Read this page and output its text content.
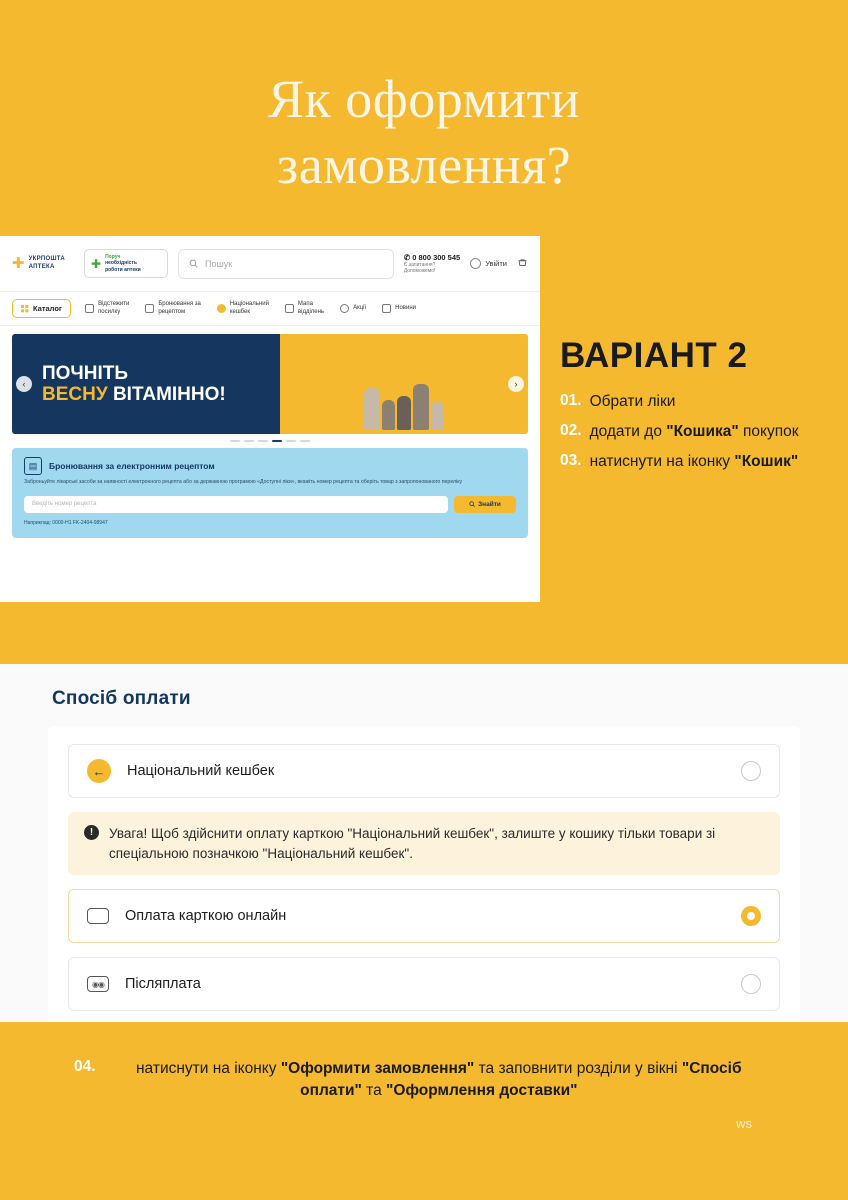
Як оформити
замовлення?
✚ УКРПОШТА
АПТЕКА	✚ Поруч
необхідність
роботи аптеки
Пошук
✆ 0 800 300 545
Є запитання?
Допоможемо!
Увійти
Каталог
Відстежити
посилку
Бронювання за
рецептом
Національний
кешбек
Мапа
відділень
Акції	Новини
ПОЧНІТЬ
ВЕСНУ ВІТАМІННО!
‹	›
▤	Бронювання за електронним рецептом
Заброньуйте лікарські засоби за наявності електронного рецепта або за державною програмою «Доступні ліки», вкажіть номер рецепта та оберіть товар з запропонованого переліку
Введіть номер рецепта	Знайти
Наприклад: 0000-H1 FK-2404-98947
ВАРІАНТ 2
01. Обрати ліки
02. додати до "Кошика" покупок
03. натиснути на іконку "Кошик"
Спосіб оплати
←	Національний кешбек
!	Увага! Щоб здійснити оплату карткою "Національний кешбек", залиште у кошику тільки товари зі спеціальною позначкою "Національний кешбек".
Оплата карткою онлайн
◉◉	Післяплата
04.	натиснути на іконку "Оформити замовлення" та заповнити розділи у вікні "Спосіб оплати" та "Оформлення доставки"
ws
